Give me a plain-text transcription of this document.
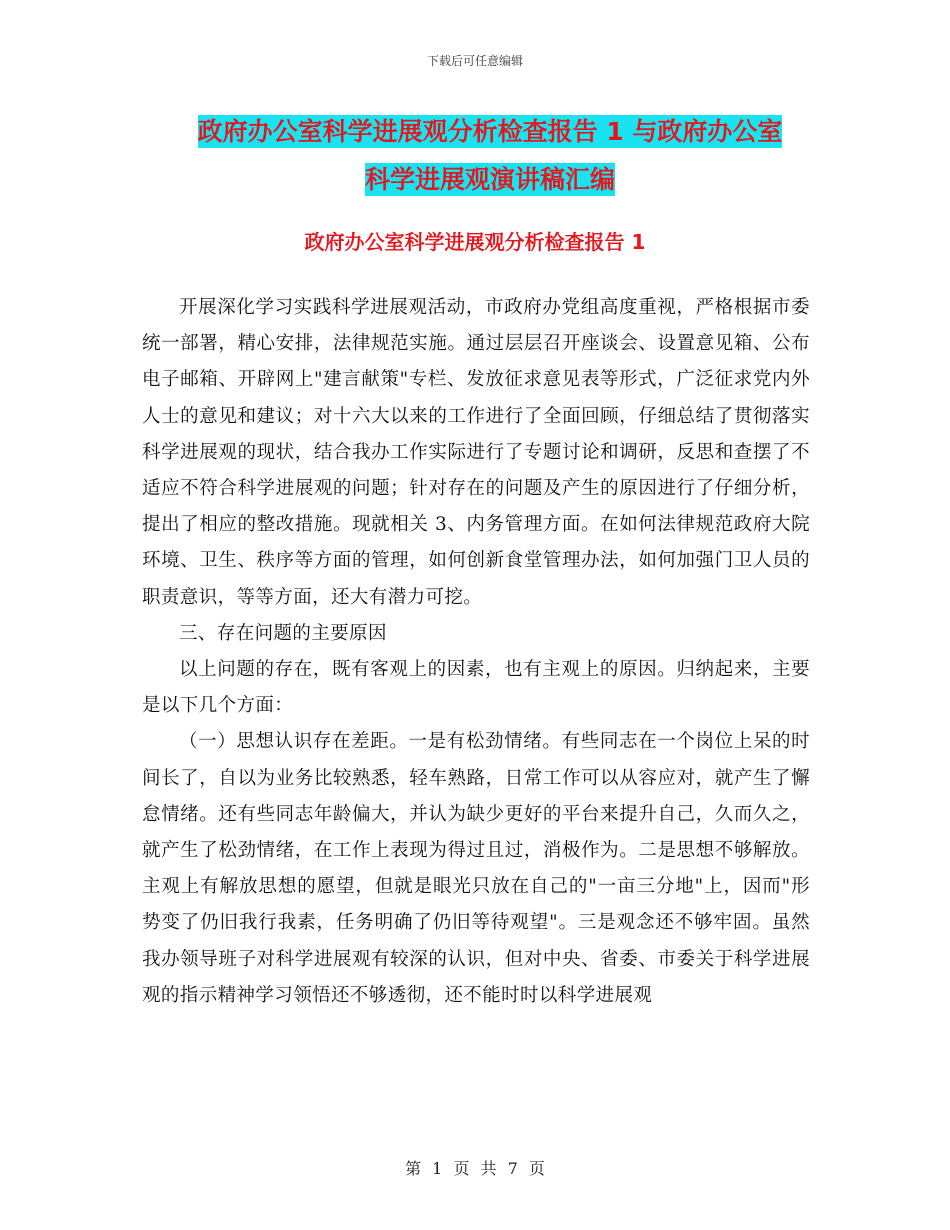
下载后可任意编辑
政府办公室科学进展观分析检查报告 1 与政府办公室
科学进展观演讲稿汇编
政府办公室科学进展观分析检查报告 1

开展深化学习实践科学进展观活动，市政府办党组高度重视，严格根据市委统一部署，精心安排，法律规范实施。通过层层召开座谈会、设置意见箱、公布电子邮箱、开辟网上"建言献策"专栏、发放征求意见表等形式，广泛征求党内外人士的意见和建议；对十六大以来的工作进行了全面回顾，仔细总结了贯彻落实科学进展观的现状，结合我办工作实际进行了专题讨论和调研，反思和查摆了不适应不符合科学进展观的问题；针对存在的问题及产生的原因进行了仔细分析，提出了相应的整改措施。现就相关 3、内务管理方面。在如何法律规范政府大院环境、卫生、秩序等方面的管理，如何创新食堂管理办法，如何加强门卫人员的职责意识，等等方面，还大有潜力可挖。

三、存在问题的主要原因

以上问题的存在，既有客观上的因素，也有主观上的原因。归纳起来，主要是以下几个方面：

（一）思想认识存在差距。一是有松劲情绪。有些同志在一个岗位上呆的时间长了，自以为业务比较熟悉，轻车熟路，日常工作可以从容应对，就产生了懈怠情绪。还有些同志年龄偏大，并认为缺少更好的平台来提升自己，久而久之，就产生了松劲情绪，在工作上表现为得过且过，消极作为。二是思想不够解放。主观上有解放思想的愿望，但就是眼光只放在自己的"一亩三分地"上，因而"形势变了仍旧我行我素，任务明确了仍旧等待观望"。三是观念还不够牢固。虽然我办领导班子对科学进展观有较深的认识，但对中央、省委、市委关于科学进展观的指示精神学习领悟还不够透彻，还不能时时以科学进展观

第 1 页 共 7 页
